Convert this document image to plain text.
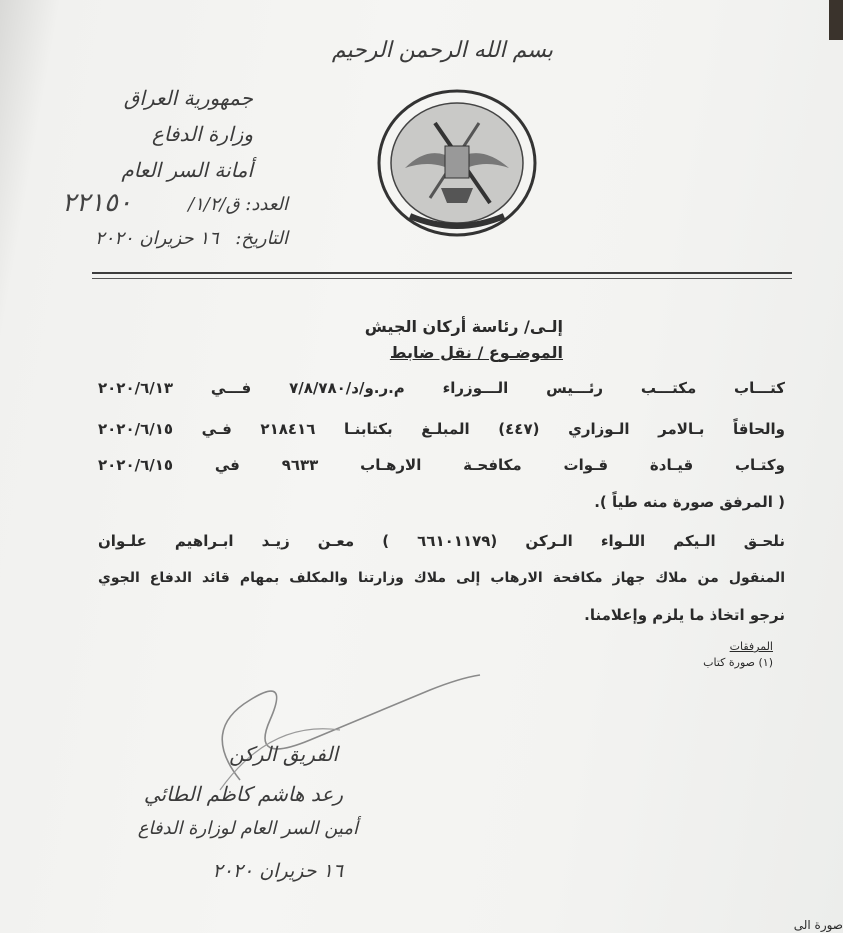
بسم الله الرحمن الرحيم
جمهورية العراق
وزارة الدفاع
أمانة السر العام
العدد: ق/١/٢/
٢٢١٥٠
التاريخ:
١٦ حزيران ٢٠٢٠
إلـى/ رئاسة أركان الجيش
الموضـوع / نقل ضابط
كتـــاب مكتـــب رئـــيس الـــوزراء م.ر.و/د/٧/٨/٧٨٠ فـــي ٢٠٢٠/٦/١٣
والحاقاً بـالامر الـوزاري (٤٤٧) المبلـغ بكتابنـا ٢١٨٤١٦ فـي ٢٠٢٠/٦/١٥
وكتـاب قيـادة قـوات مكافحـة الارهـاب ٩٦٣٣ في ٢٠٢٠/٦/١٥
( المرفق صورة منه طياً ).
نلحـق الـيكم اللـواء الـركن (٦٦١٠١١٧٩ ) معـن زيـد ابـراهيم علـوان
المنقول من ملاك جهاز مكافحة الارهاب إلى ملاك وزارتنا والمكلف بمهام قائد الدفاع الجوي
نرجو اتخاذ ما يلزم وإعلامنا.
المرفقات
(١) صورة كتاب
الفريق الركن
رعد هاشم كاظم الطائي
أمين السر العام لوزارة الدفاع
١٦ حزيران ٢٠٢٠
صورة الى
